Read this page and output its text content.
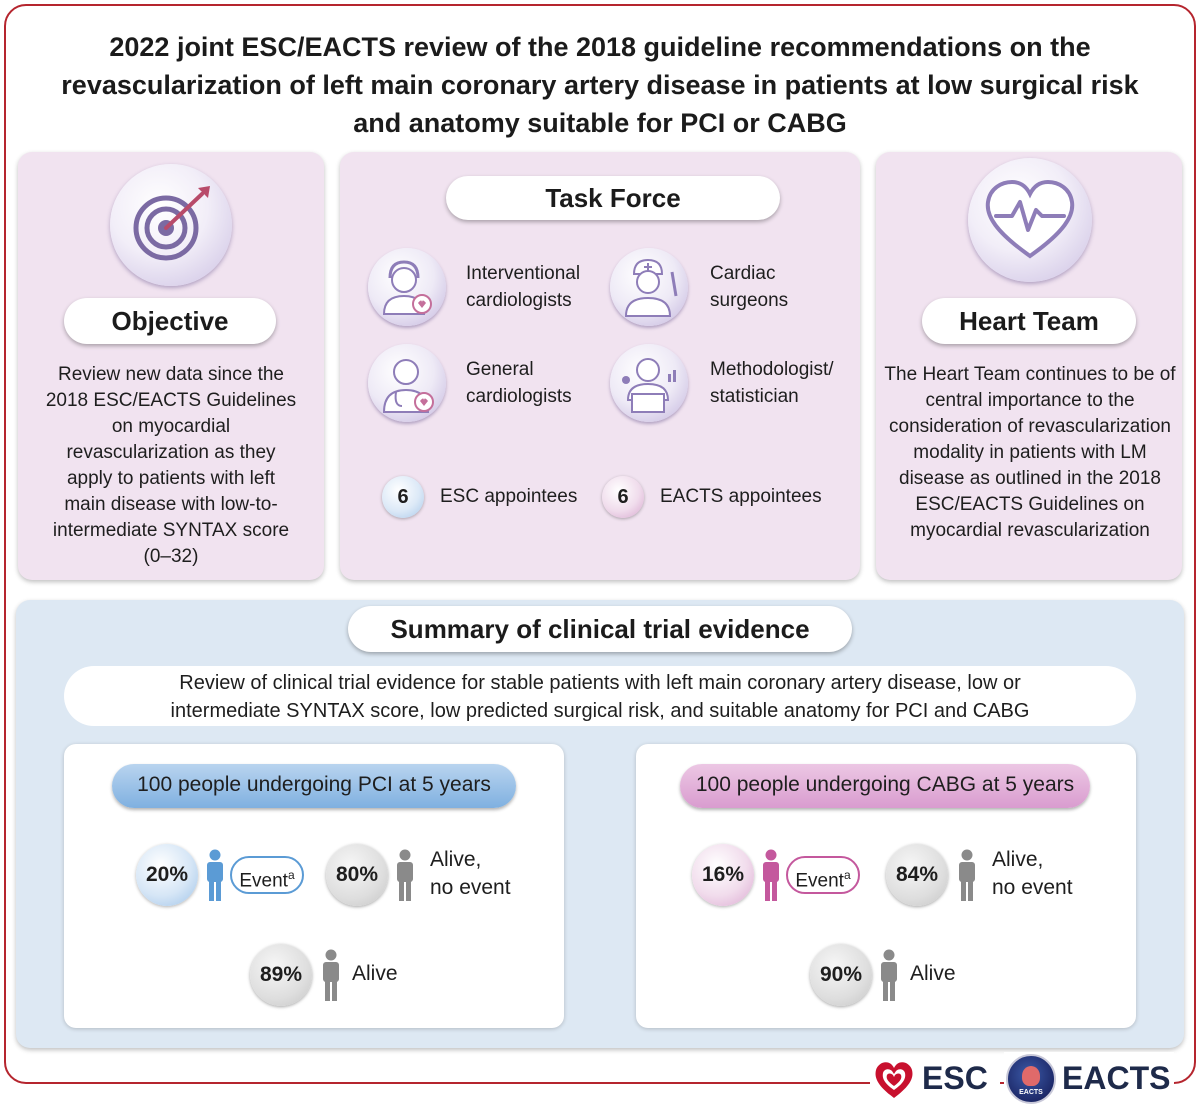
2022 joint ESC/EACTS review of the 2018 guideline recommendations on the revascularization of left main coronary artery disease in patients at low surgical risk and anatomy suitable for PCI or CABG
Objective
Review new data since the 2018 ESC/EACTS Guidelines on myocardial revascularization as they apply to patients with left main disease with low-to-intermediate SYNTAX score (0–32)
Task Force
Interventional
cardiologists
Cardiac
surgeons
General
cardiologists
Methodologist/
statistician
6	ESC appointees	6	EACTS appointees
Heart Team
The Heart Team continues to be of central importance to the consideration of revascularization modality in patients with LM disease as outlined in the 2018 ESC/EACTS Guidelines on myocardial revascularization
Summary of clinical trial evidence
Review of clinical trial evidence for stable patients with left main coronary artery disease, low or
intermediate SYNTAX score, low predicted surgical risk, and suitable anatomy for PCI and CABG
100 people undergoing PCI at 5 years
20%	Event$^a$	80%
Alive,
no event
89%	Alive
100 people undergoing CABG at 5 years
16%	Event$^a$	84%
Alive,
no event
90%	Alive
ESC	EACTS EACTS
